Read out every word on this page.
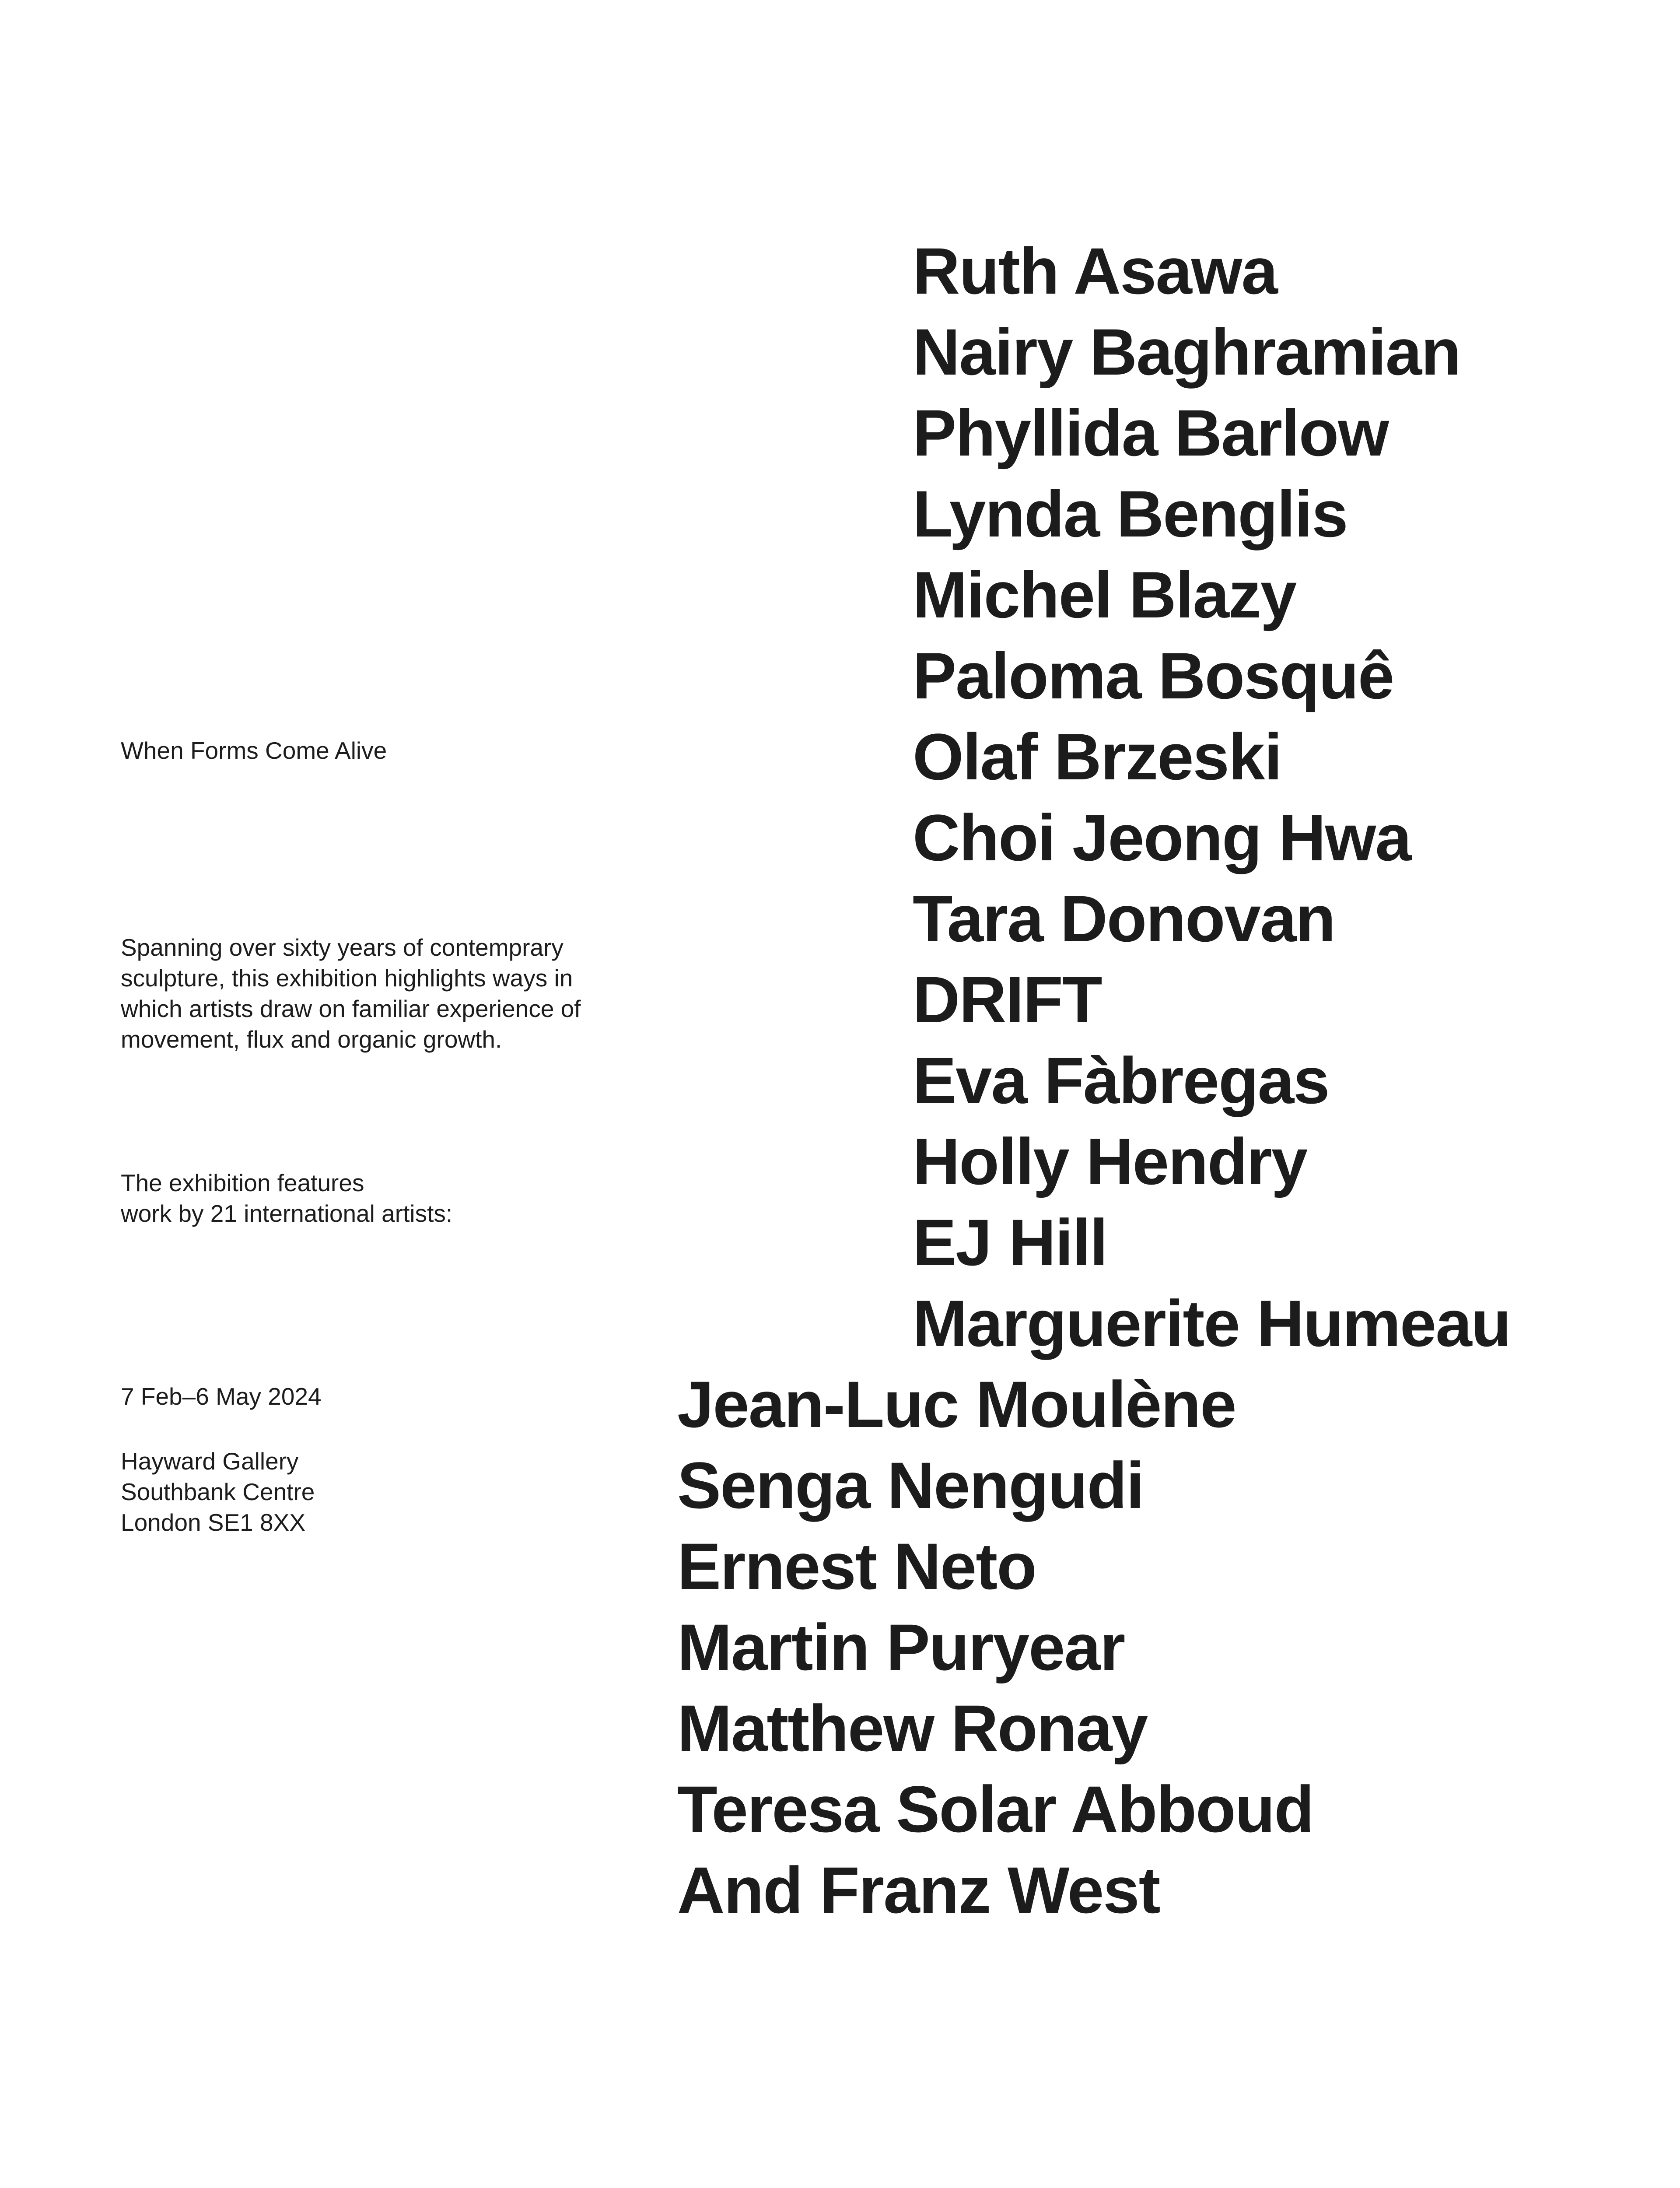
When Forms Come Alive

Spanning over sixty years of contemprary
sculpture, this exhibition highlights ways in
which artists draw on familiar experience of
movement, flux and organic growth.

The exhibition features
work by 21 international artists:

7 Feb–6 May 2024

Hayward Gallery
Southbank Centre
London SE1 8XX

Ruth Asawa
Nairy Baghramian
Phyllida Barlow
Lynda Benglis
Michel Blazy
Paloma Bosquê
Olaf Brzeski
Choi Jeong Hwa
Tara Donovan
DRIFT
Eva Fàbregas
Holly Hendry
EJ Hill
Marguerite Humeau
Jean-Luc Moulène
Senga Nengudi
Ernest Neto
Martin Puryear
Matthew Ronay
Teresa Solar Abboud
And Franz West
